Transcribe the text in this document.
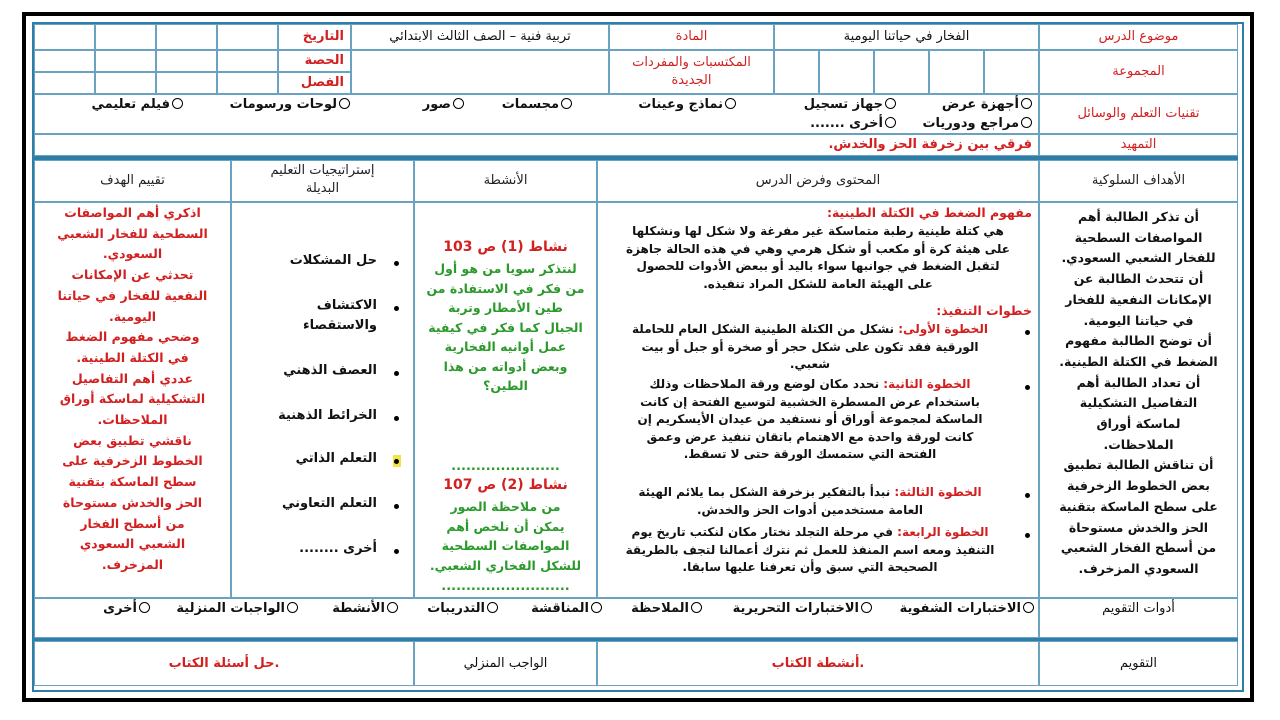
موضوع الدرس
الفخار في حياتنا اليومية
المادة
تربية فنية – الصف الثالث الابتدائي
التاريخ
الحصة
الفصل
المجموعة
المكتسبات والمفردات
الجديدة
تقنيات التعلم والوسائل
أجهزة عرض
جهاز تسجيل
نماذج وعينات
مجسمات
صور
لوحات ورسومات
فيلم تعليمي
مراجع ودوريات
أخرى .......
التمهيد
فرقي بين زخرفة الحز والخدش.
الأهداف السلوكية
المحتوى وفرض الدرس
الأنشطة
إستراتيجيات التعليم
البديلة
تقييم الهدف
أن تذكر الطالبة أهم
المواصفات السطحية
للفخار الشعبي السعودي.
أن تتحدث الطالبة عن
الإمكانات النفعية للفخار
في حياتنا اليومية.
أن توضح الطالبة مفهوم
الضغط في الكتلة الطينية.
أن تعداد الطالبة أهم
التفاصيل التشكيلية
لماسكة أوراق
الملاحظات.
أن تناقش الطالبة تطبيق
بعض الخطوط الزخرفية
على سطح الماسكة بتقنية
الحز والخدش مستوحاة
من أسطح الفخار الشعبي
السعودي المزخرف.
مفهوم الضغط في الكتلة الطينية:
هي كتلة طينية رطبة متماسكة غير مفرغة ولا شكل لها ونشكلها
على هيئة كرة أو مكعب أو شكل هرمي وهي في هذه الحالة جاهزة
لتقبل الضغط في جوانبها سواء باليد أو ببعض الأدوات للحصول
على الهيئة العامة للشكل المراد تنفيذه.
خطوات التنفيذ:
الخطوة الأولى: نشكل من الكتلة الطينية الشكل العام للحاملة
الورقية فقد تكون على شكل حجر أو صخرة أو جبل أو بيت
شعبي.
الخطوة الثانية: نحدد مكان لوضع ورقة الملاحظات وذلك
باستخدام عرض المسطرة الخشبية لتوسيع الفتحة إن كانت
الماسكة لمجموعة أوراق أو نستفيد من عيدان الأيسكريم إن
كانت لورقة واحدة مع الاهتمام باتقان تنفيذ عرض وعمق
الفتحة التي ستمسك الورقة حتى لا تسقط.
الخطوة الثالثة: نبدأ بالتفكير بزخرفة الشكل بما يلائم الهيئة
العامة مستخدمين أدوات الحز والخدش.
الخطوة الرابعة: في مرحلة التجلد نختار مكان لنكتب تاريخ يوم
التنفيذ ومعه اسم المنفذ للعمل ثم نترك أعمالنا لتجف بالطريقة
الصحيحة التي سبق وأن تعرفنا عليها سابقا.
نشاط (1) ص 103
لنتذكر سويا من هو أول
من فكر في الاستفادة من
طين الأمطار وتربة
الجبال كما فكر في كيفية
عمل أوانيه الفخارية
وبعض أدواته من هذا
الطين؟
......................
نشاط (2) ص 107
من ملاحظة الصور
يمكن أن نلخص أهم
المواصفات السطحية
للشكل الفخاري الشعبي.
..........................
حل المشكلات
الاكتشاف
والاستقصاء
العصف الذهني
الخرائط الذهنية
التعلم الذاتي
التعلم التعاوني
أخرى ........
اذكري أهم المواصفات
السطحية للفخار الشعبي
السعودي.
تحدثي عن الإمكانات
النفعية للفخار في حياتنا
اليومية.
وضحي مفهوم الضغط
في الكتلة الطينية.
عددي أهم التفاصيل
التشكيلية لماسكة أوراق
الملاحظات.
ناقشي تطبيق بعض
الخطوط الزخرفية على
سطح الماسكة بتقنية
الحز والخدش مستوحاة
من أسطح الفخار
الشعبي السعودي
المزخرف.
أدوات التقويم
الاختبارات الشفوية
الاختبارات التحريرية
الملاحظة
المناقشة
التدريبات
الأنشطة
الواجبات المنزلية
أخرى
التقويم
أنشطة الكتاب.
الواجب المنزلي
حل أسئلة الكتاب.
